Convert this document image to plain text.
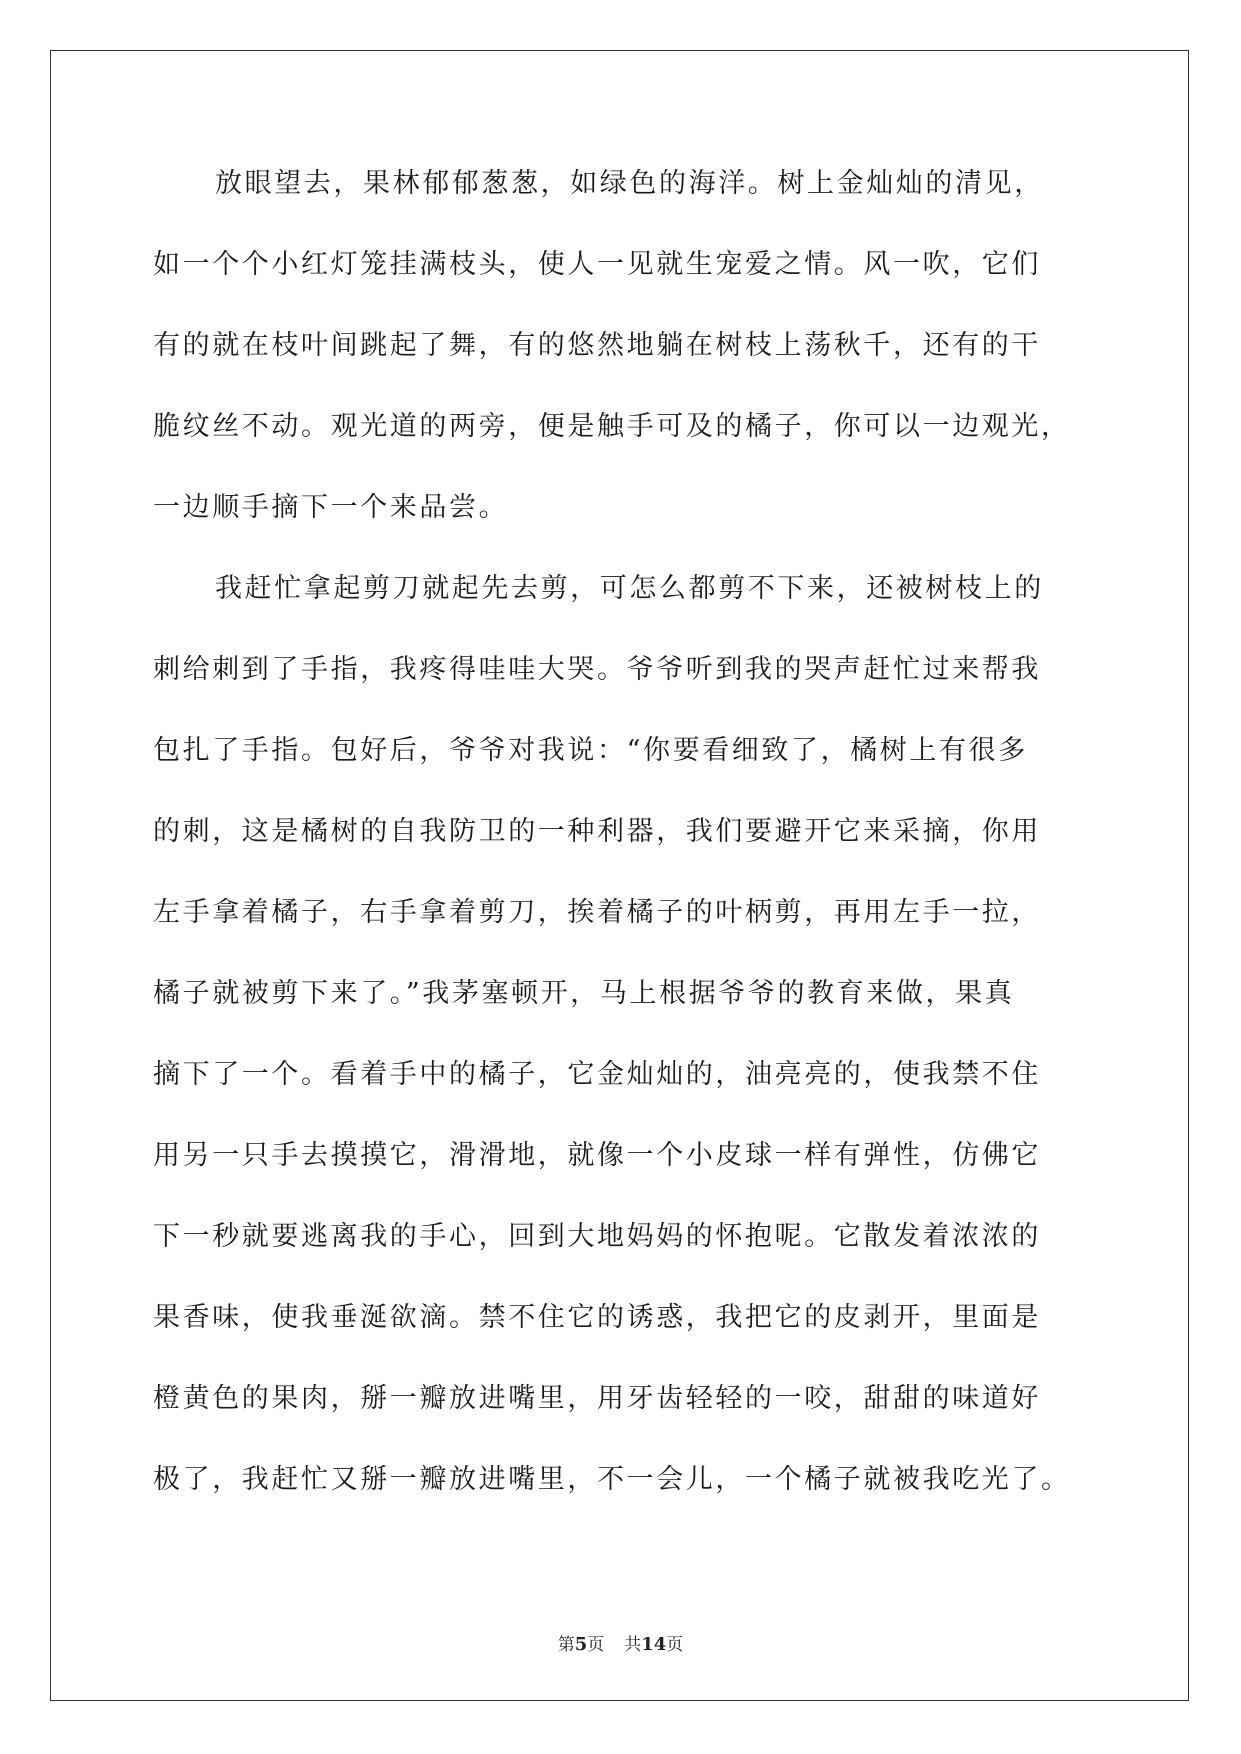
放眼望去，果林郁郁葱葱，如绿色的海洋。树上金灿灿的清见，
如一个个小红灯笼挂满枝头，使人一见就生宠爱之情。风一吹，它们
有的就在枝叶间跳起了舞，有的悠然地躺在树枝上荡秋千，还有的干
脆纹丝不动。观光道的两旁，便是触手可及的橘子，你可以一边观光，
一边顺手摘下一个来品尝。
我赶忙拿起剪刀就起先去剪，可怎么都剪不下来，还被树枝上的
刺给刺到了手指，我疼得哇哇大哭。爷爷听到我的哭声赶忙过来帮我
包扎了手指。包好后，爷爷对我说：“你要看细致了，橘树上有很多
的刺，这是橘树的自我防卫的一种利器，我们要避开它来采摘，你用
左手拿着橘子，右手拿着剪刀，挨着橘子的叶柄剪，再用左手一拉，
橘子就被剪下来了。”我茅塞顿开，马上根据爷爷的教育来做，果真
摘下了一个。看着手中的橘子，它金灿灿的，油亮亮的，使我禁不住
用另一只手去摸摸它，滑滑地，就像一个小皮球一样有弹性，仿佛它
下一秒就要逃离我的手心，回到大地妈妈的怀抱呢。它散发着浓浓的
果香味，使我垂涎欲滴。禁不住它的诱惑，我把它的皮剥开，里面是
橙黄色的果肉，掰一瓣放进嘴里，用牙齿轻轻的一咬，甜甜的味道好
极了，我赶忙又掰一瓣放进嘴里，不一会儿，一个橘子就被我吃光了。
第5页 共14页
